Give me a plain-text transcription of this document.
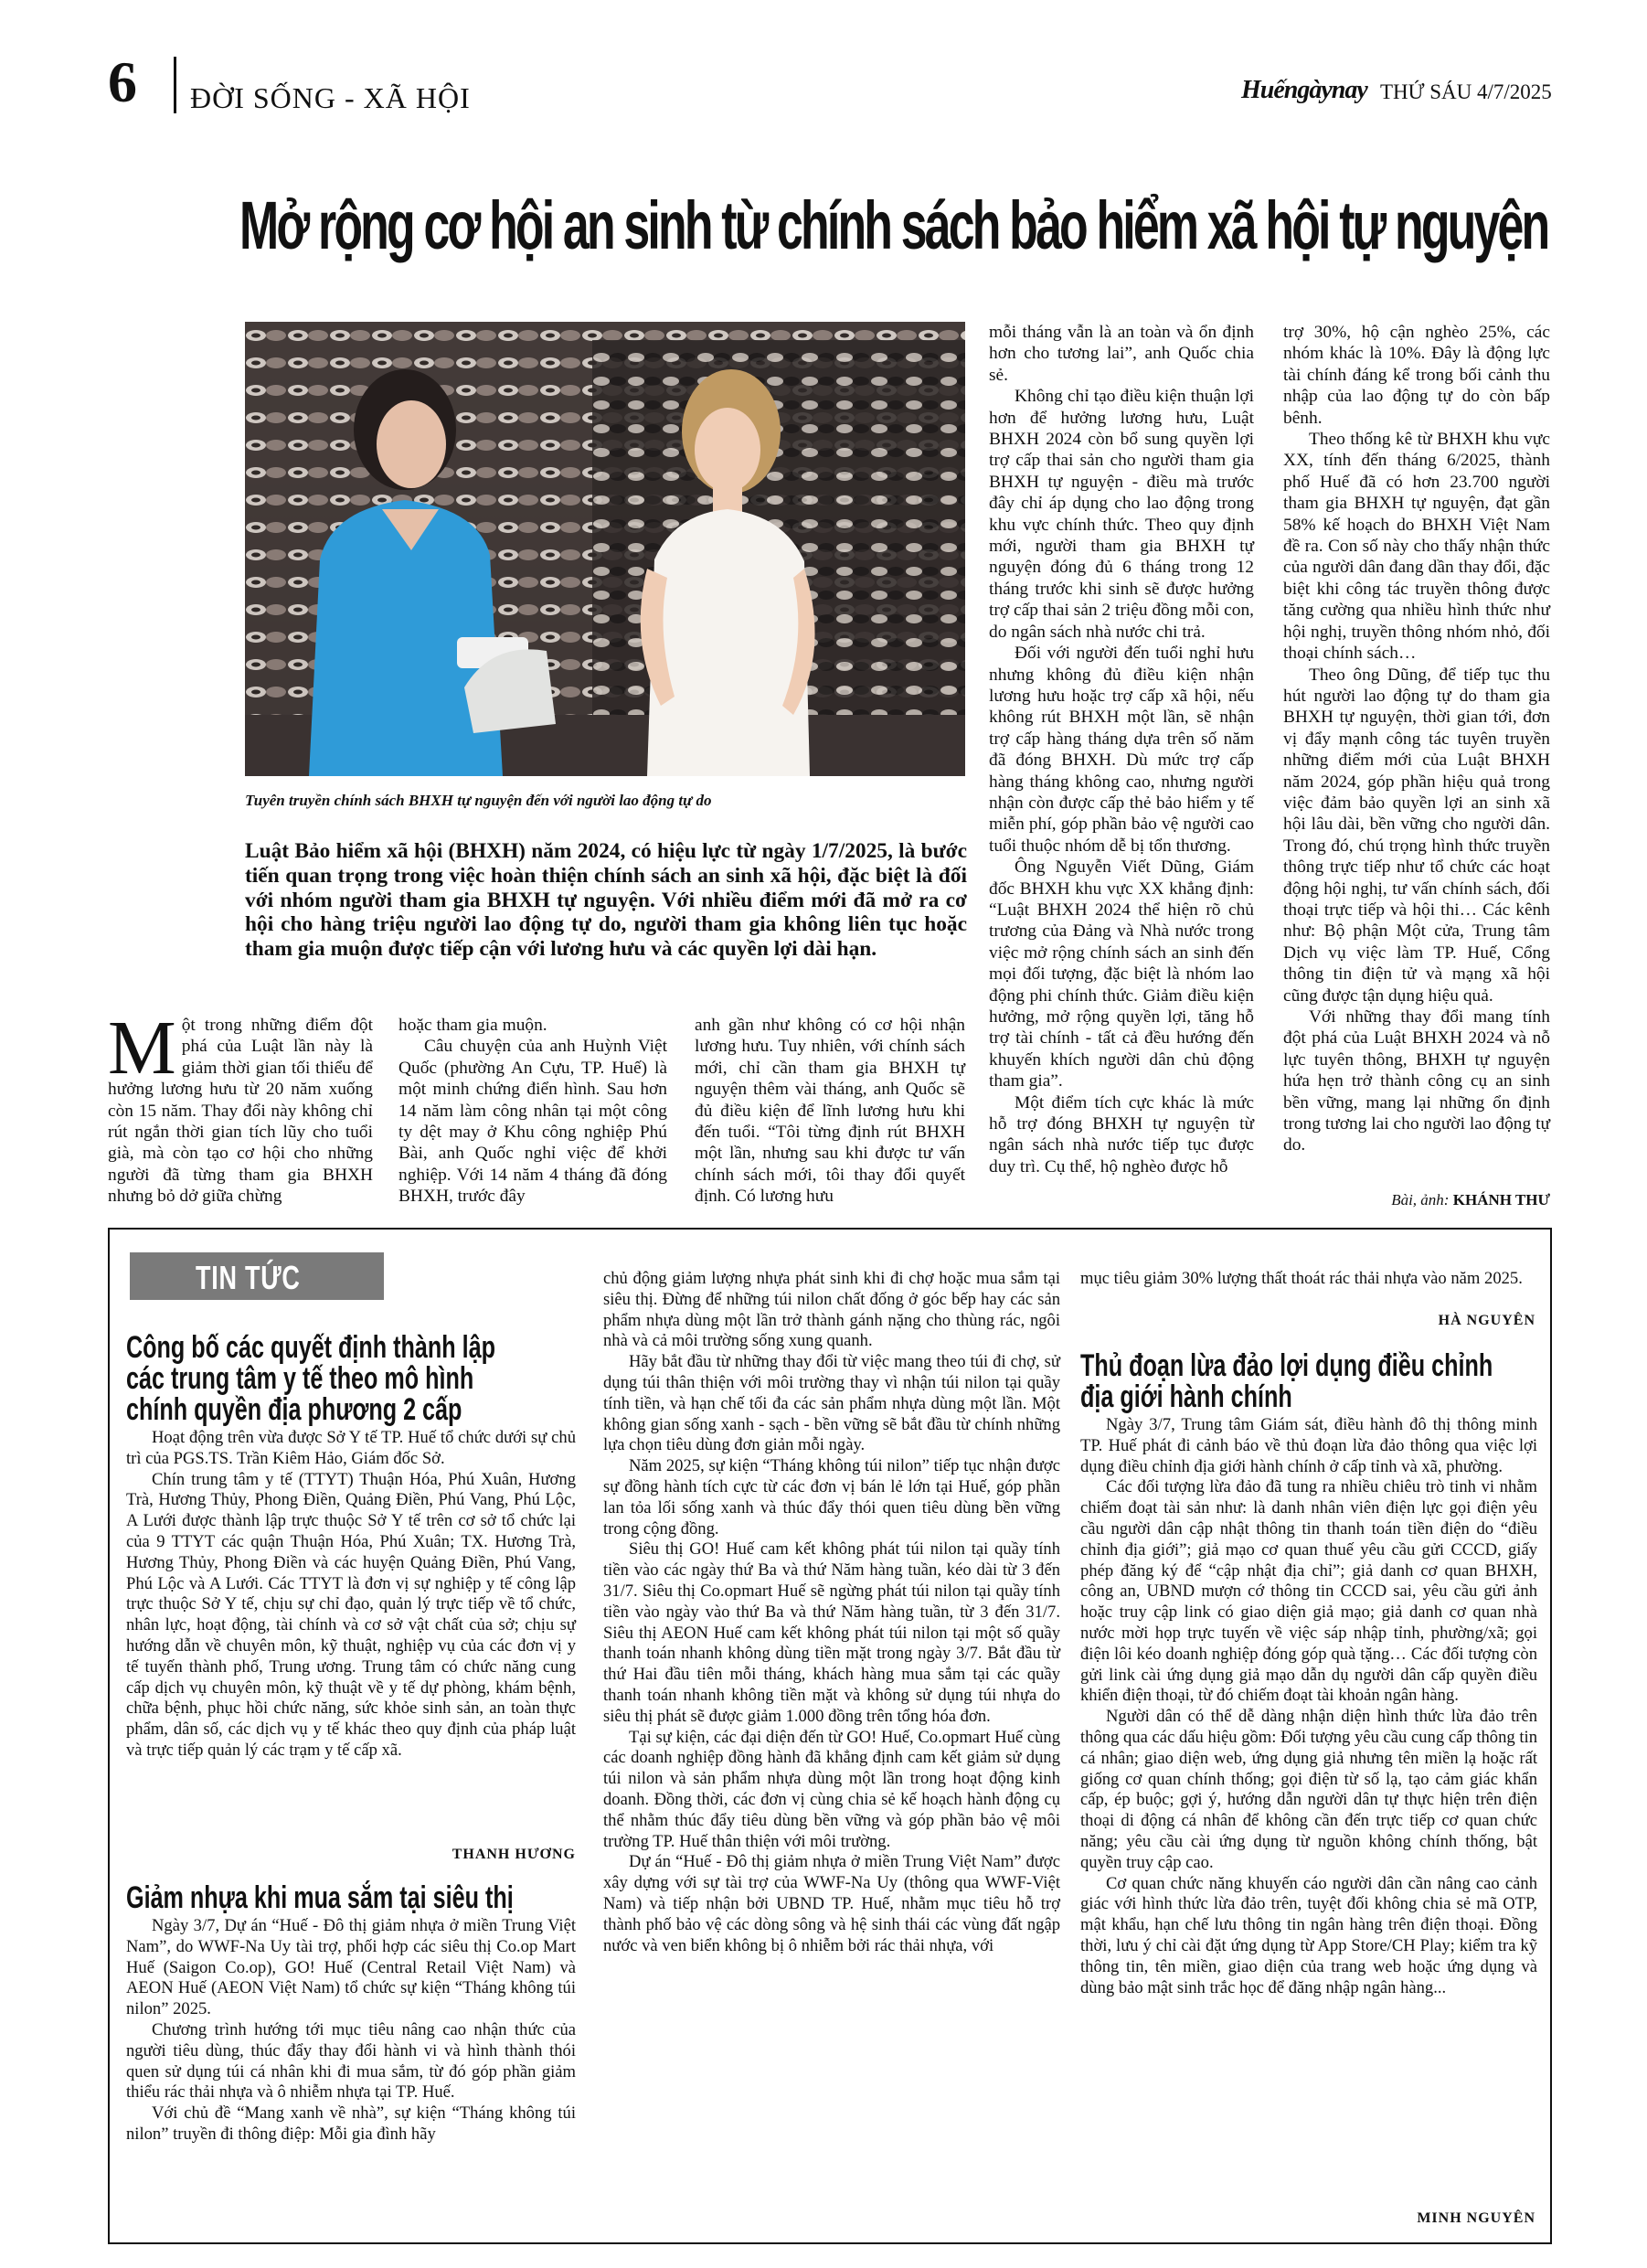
6 ĐỜI SỐNG - XÃ HỘI	Huếngàynay THỨ SÁU 4/7/2025
Mở rộng cơ hội an sinh từ chính sách bảo hiểm xã hội tự nguyện
Tuyên truyền chính sách BHXH tự nguyện đến với người lao động tự do
Luật Bảo hiểm xã hội (BHXH) năm 2024, có hiệu lực từ ngày 1/7/2025, là bước tiến quan trọng trong việc hoàn thiện chính sách an sinh xã hội, đặc biệt là đối với nhóm người tham gia BHXH tự nguyện. Với nhiều điểm mới đã mở ra cơ hội cho hàng triệu người lao động tự do, người tham gia không liên tục hoặc tham gia muộn được tiếp cận với lương hưu và các quyền lợi dài hạn.

Một trong những điểm đột phá của Luật lần này là giảm thời gian tối thiểu để hưởng lương hưu từ 20 năm xuống còn 15 năm. Thay đổi này không chỉ rút ngắn thời gian tích lũy cho tuổi già, mà còn tạo cơ hội cho những người đã từng tham gia BHXH nhưng bỏ dở giữa chừng

hoặc tham gia muộn.

Câu chuyện của anh Huỳnh Việt Quốc (phường An Cựu, TP. Huế) là một minh chứng điển hình. Sau hơn 14 năm làm công nhân tại một công ty dệt may ở Khu công nghiệp Phú Bài, anh Quốc nghỉ việc để khởi nghiệp. Với 14 năm 4 tháng đã đóng BHXH, trước đây

anh gần như không có cơ hội nhận lương hưu. Tuy nhiên, với chính sách mới, chỉ cần tham gia BHXH tự nguyện thêm vài tháng, anh Quốc sẽ đủ điều kiện để lĩnh lương hưu khi đến tuổi. “Tôi từng định rút BHXH một lần, nhưng sau khi được tư vấn chính sách mới, tôi thay đổi quyết định. Có lương hưu

mỗi tháng vẫn là an toàn và ổn định hơn cho tương lai”, anh Quốc chia sẻ.

Không chỉ tạo điều kiện thuận lợi hơn để hưởng lương hưu, Luật BHXH 2024 còn bổ sung quyền lợi trợ cấp thai sản cho người tham gia BHXH tự nguyện - điều mà trước đây chỉ áp dụng cho lao động trong khu vực chính thức. Theo quy định mới, người tham gia BHXH tự nguyện đóng đủ 6 tháng trong 12 tháng trước khi sinh sẽ được hưởng trợ cấp thai sản 2 triệu đồng mỗi con, do ngân sách nhà nước chi trả.

Đối với người đến tuổi nghỉ hưu nhưng không đủ điều kiện nhận lương hưu hoặc trợ cấp xã hội, nếu không rút BHXH một lần, sẽ nhận trợ cấp hàng tháng dựa trên số năm đã đóng BHXH. Dù mức trợ cấp hàng tháng không cao, nhưng người nhận còn được cấp thẻ bảo hiểm y tế miễn phí, góp phần bảo vệ người cao tuổi thuộc nhóm dễ bị tổn thương.

Ông Nguyễn Viết Dũng, Giám đốc BHXH khu vực XX khẳng định: “Luật BHXH 2024 thể hiện rõ chủ trương của Đảng và Nhà nước trong việc mở rộng chính sách an sinh đến mọi đối tượng, đặc biệt là nhóm lao động phi chính thức. Giảm điều kiện hưởng, mở rộng quyền lợi, tăng hỗ trợ tài chính - tất cả đều hướng đến khuyến khích người dân chủ động tham gia”.

Một điểm tích cực khác là mức hỗ trợ đóng BHXH tự nguyện từ ngân sách nhà nước tiếp tục được duy trì. Cụ thể, hộ nghèo được hỗ

trợ 30%, hộ cận nghèo 25%, các nhóm khác là 10%. Đây là động lực tài chính đáng kể trong bối cảnh thu nhập của lao động tự do còn bấp bênh.

Theo thống kê từ BHXH khu vực XX, tính đến tháng 6/2025, thành phố Huế đã có hơn 23.700 người tham gia BHXH tự nguyện, đạt gần 58% kế hoạch do BHXH Việt Nam đề ra. Con số này cho thấy nhận thức của người dân đang dần thay đổi, đặc biệt khi công tác truyền thông được tăng cường qua nhiều hình thức như hội nghị, truyền thông nhóm nhỏ, đối thoại chính sách…

Theo ông Dũng, để tiếp tục thu hút người lao động tự do tham gia BHXH tự nguyện, thời gian tới, đơn vị đẩy mạnh công tác tuyên truyền những điểm mới của Luật BHXH năm 2024, góp phần hiệu quả trong việc đảm bảo quyền lợi an sinh xã hội lâu dài, bền vững cho người dân. Trong đó, chú trọng hình thức truyền thông trực tiếp như tổ chức các hoạt động hội nghị, tư vấn chính sách, đối thoại trực tiếp và hội thi… Các kênh như: Bộ phận Một cửa, Trung tâm Dịch vụ việc làm TP. Huế, Cổng thông tin điện tử và mạng xã hội cũng được tận dụng hiệu quả.

Với những thay đổi mang tính đột phá của Luật BHXH 2024 và nỗ lực tuyên thông, BHXH tự nguyện hứa hẹn trở thành công cụ an sinh bền vững, mang lại những ổn định trong tương lai cho người lao động tự do.

Bài, ảnh: KHÁNH THƯ
TIN TỨC
Công bố các quyết định thành lập
các trung tâm y tế theo mô hình
chính quyền địa phương 2 cấp

Hoạt động trên vừa được Sở Y tế TP. Huế tổ chức dưới sự chủ trì của PGS.TS. Trần Kiêm Hảo, Giám đốc Sở.

Chín trung tâm y tế (TTYT) Thuận Hóa, Phú Xuân, Hương Trà, Hương Thủy, Phong Điền, Quảng Điền, Phú Vang, Phú Lộc, A Lưới được thành lập trực thuộc Sở Y tế trên cơ sở tổ chức lại của 9 TTYT các quận Thuận Hóa, Phú Xuân; TX. Hương Trà, Hương Thủy, Phong Điền và các huyện Quảng Điền, Phú Vang, Phú Lộc và A Lưới. Các TTYT là đơn vị sự nghiệp y tế công lập trực thuộc Sở Y tế, chịu sự chỉ đạo, quản lý trực tiếp về tổ chức, nhân lực, hoạt động, tài chính và cơ sở vật chất của sở; chịu sự hướng dẫn về chuyên môn, kỹ thuật, nghiệp vụ của các đơn vị y tế tuyến thành phố, Trung ương. Trung tâm có chức năng cung cấp dịch vụ chuyên môn, kỹ thuật về y tế dự phòng, khám bệnh, chữa bệnh, phục hồi chức năng, sức khỏe sinh sản, an toàn thực phẩm, dân số, các dịch vụ y tế khác theo quy định của pháp luật và trực tiếp quản lý các trạm y tế cấp xã.

THANH HƯƠNG
Giảm nhựa khi mua sắm tại siêu thị

Ngày 3/7, Dự án “Huế - Đô thị giảm nhựa ở miền Trung Việt Nam”, do WWF-Na Uy tài trợ, phối hợp các siêu thị Co.op Mart Huế (Saigon Co.op), GO! Huế (Central Retail Việt Nam) và AEON Huế (AEON Việt Nam) tổ chức sự kiện “Tháng không túi nilon” 2025.

Chương trình hướng tới mục tiêu nâng cao nhận thức của người tiêu dùng, thúc đẩy thay đổi hành vi và hình thành thói quen sử dụng túi cá nhân khi đi mua sắm, từ đó góp phần giảm thiểu rác thải nhựa và ô nhiễm nhựa tại TP. Huế.

Với chủ đề “Mang xanh về nhà”, sự kiện “Tháng không túi nilon” truyền đi thông điệp: Mỗi gia đình hãy

chủ động giảm lượng nhựa phát sinh khi đi chợ hoặc mua sắm tại siêu thị. Đừng để những túi nilon chất đống ở góc bếp hay các sản phẩm nhựa dùng một lần trở thành gánh nặng cho thùng rác, ngôi nhà và cả môi trường sống xung quanh.

Hãy bắt đầu từ những thay đổi từ việc mang theo túi đi chợ, sử dụng túi thân thiện với môi trường thay vì nhận túi nilon tại quầy tính tiền, và hạn chế tối đa các sản phẩm nhựa dùng một lần. Một không gian sống xanh - sạch - bền vững sẽ bắt đầu từ chính những lựa chọn tiêu dùng đơn giản mỗi ngày.

Năm 2025, sự kiện “Tháng không túi nilon” tiếp tục nhận được sự đồng hành tích cực từ các đơn vị bán lẻ lớn tại Huế, góp phần lan tỏa lối sống xanh và thúc đẩy thói quen tiêu dùng bền vững trong cộng đồng.

Siêu thị GO! Huế cam kết không phát túi nilon tại quầy tính tiền vào các ngày thứ Ba và thứ Năm hàng tuần, kéo dài từ 3 đến 31/7. Siêu thị Co.opmart Huế sẽ ngừng phát túi nilon tại quầy tính tiền vào ngày vào thứ Ba và thứ Năm hàng tuần, từ 3 đến 31/7. Siêu thị AEON Huế cam kết không phát túi nilon tại một số quầy thanh toán nhanh không dùng tiền mặt trong ngày 3/7. Bắt đầu từ thứ Hai đầu tiên mỗi tháng, khách hàng mua sắm tại các quầy thanh toán nhanh không tiền mặt và không sử dụng túi nhựa do siêu thị phát sẽ được giảm 1.000 đồng trên tổng hóa đơn.

Tại sự kiện, các đại diện đến từ GO! Huế, Co.opmart Huế cùng các doanh nghiệp đồng hành đã khẳng định cam kết giảm sử dụng túi nilon và sản phẩm nhựa dùng một lần trong hoạt động kinh doanh. Đồng thời, các đơn vị cùng chia sẻ kế hoạch hành động cụ thể nhằm thúc đẩy tiêu dùng bền vững và góp phần bảo vệ môi trường TP. Huế thân thiện với môi trường.

Dự án “Huế - Đô thị giảm nhựa ở miền Trung Việt Nam” được xây dựng với sự tài trợ của WWF-Na Uy (thông qua WWF-Việt Nam) và tiếp nhận bởi UBND TP. Huế, nhằm mục tiêu hỗ trợ thành phố bảo vệ các dòng sông và hệ sinh thái các vùng đất ngập nước và ven biển không bị ô nhiễm bởi rác thải nhựa, với

mục tiêu giảm 30% lượng thất thoát rác thải nhựa vào năm 2025.

HÀ NGUYÊN
Thủ đoạn lừa đảo lợi dụng điều chỉnh
địa giới hành chính

Ngày 3/7, Trung tâm Giám sát, điều hành đô thị thông minh TP. Huế phát đi cảnh báo về thủ đoạn lừa đảo thông qua việc lợi dụng điều chỉnh địa giới hành chính ở cấp tỉnh và xã, phường.

Các đối tượng lừa đảo đã tung ra nhiều chiêu trò tinh vi nhằm chiếm đoạt tài sản như: là danh nhân viên điện lực gọi điện yêu cầu người dân cập nhật thông tin thanh toán tiền điện do “điều chỉnh địa giới”; giả mạo cơ quan thuế yêu cầu gửi CCCD, giấy phép đăng ký để “cập nhật địa chỉ”; giả danh cơ quan BHXH, công an, UBND mượn cớ thông tin CCCD sai, yêu cầu gửi ảnh hoặc truy cập link có giao diện giả mạo; giả danh cơ quan nhà nước mời họp trực tuyến về việc sáp nhập tỉnh, phường/xã; gọi điện lôi kéo doanh nghiệp đóng góp quà tặng… Các đối tượng còn gửi link cài ứng dụng giả mạo dẫn dụ người dân cấp quyền điều khiển điện thoại, từ đó chiếm đoạt tài khoản ngân hàng.

Người dân có thể dễ dàng nhận diện hình thức lừa đảo trên thông qua các dấu hiệu gồm: Đối tượng yêu cầu cung cấp thông tin cá nhân; giao diện web, ứng dụng giả nhưng tên miền lạ hoặc rất giống cơ quan chính thống; gọi điện từ số lạ, tạo cảm giác khẩn cấp, ép buộc; gợi ý, hướng dẫn người dân tự thực hiện trên điện thoại di động cá nhân để không cần đến trực tiếp cơ quan chức năng; yêu cầu cài ứng dụng từ nguồn không chính thống, bật quyền truy cập cao.

Cơ quan chức năng khuyến cáo người dân cần nâng cao cảnh giác với hình thức lừa đảo trên, tuyệt đối không chia sẻ mã OTP, mật khẩu, hạn chế lưu thông tin ngân hàng trên điện thoại. Đồng thời, lưu ý chỉ cài đặt ứng dụng từ App Store/CH Play; kiểm tra kỹ thông tin, tên miền, giao diện của trang web hoặc ứng dụng và dùng bảo mật sinh trắc học để đăng nhập ngân hàng...

MINH NGUYÊN
